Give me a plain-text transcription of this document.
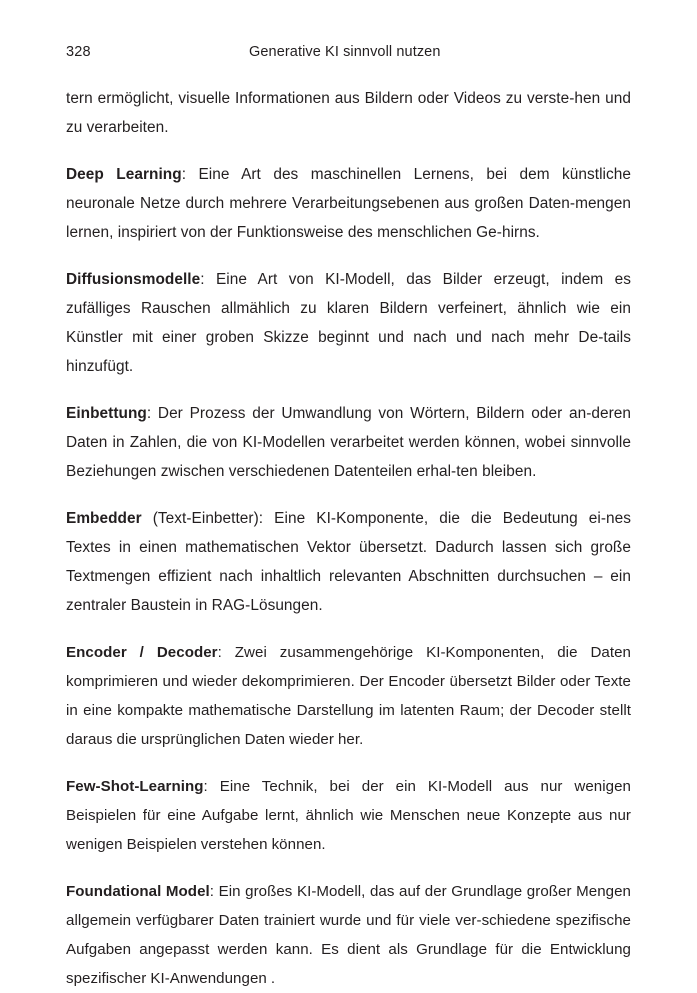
328	Generative KI sinnvoll nutzen

tern ermöglicht, visuelle Informationen aus Bildern oder Videos zu verste-hen und zu verarbeiten.

Deep Learning: Eine Art des maschinellen Lernens, bei dem künstliche neuronale Netze durch mehrere Verarbeitungsebenen aus großen Daten-mengen lernen, inspiriert von der Funktionsweise des menschlichen Ge-hirns.

Diffusionsmodelle: Eine Art von KI-Modell, das Bilder erzeugt, indem es zufälliges Rauschen allmählich zu klaren Bildern verfeinert, ähnlich wie ein Künstler mit einer groben Skizze beginnt und nach und nach mehr De-tails hinzufügt.

Einbettung: Der Prozess der Umwandlung von Wörtern, Bildern oder an-deren Daten in Zahlen, die von KI-Modellen verarbeitet werden können, wobei sinnvolle Beziehungen zwischen verschiedenen Datenteilen erhal-ten bleiben.

Embedder (Text-Einbetter): Eine KI-Komponente, die die Bedeutung ei-nes Textes in einen mathematischen Vektor übersetzt. Dadurch lassen sich große Textmengen effizient nach inhaltlich relevanten Abschnitten durchsuchen – ein zentraler Baustein in RAG-Lösungen.

Encoder / Decoder: Zwei zusammengehörige KI-Komponenten, die Daten komprimieren und wieder dekomprimieren. Der Encoder übersetzt Bilder oder Texte in eine kompakte mathematische Darstellung im latenten Raum; der Decoder stellt daraus die ursprünglichen Daten wieder her.

Few-Shot-Learning: Eine Technik, bei der ein KI-Modell aus nur wenigen Beispielen für eine Aufgabe lernt, ähnlich wie Menschen neue Konzepte aus nur wenigen Beispielen verstehen können.

Foundational Model: Ein großes KI-Modell, das auf der Grundlage großer Mengen allgemein verfügbarer Daten trainiert wurde und für viele ver-schiedene spezifische Aufgaben angepasst werden kann. Es dient als Grundlage für die Entwicklung spezifischer KI-Anwendungen .
